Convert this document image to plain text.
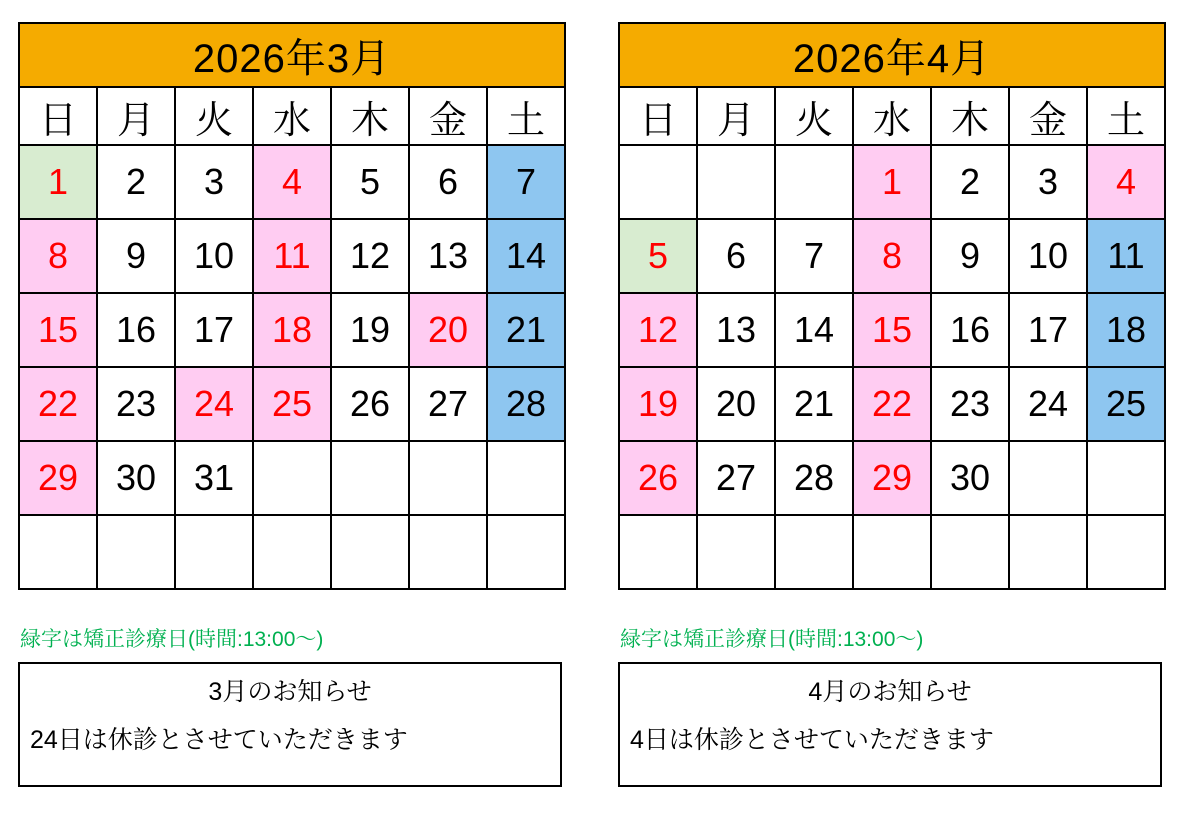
2026年3月						
日	月	火	水	木	金	土
1	2	3	4	5	6	7
8	9	10	11	12	13	14
15	16	17	18	19	20	21
22	23	24	25	26	27	28
29	30	31				

緑字は矯正診療日(時間:13:00〜)
3月のお知らせ
24日は休診とさせていただきます
2026年4月						
日	月	火	水	木	金	土
			1	2	3	4
5	6	7	8	9	10	11
12	13	14	15	16	17	18
19	20	21	22	23	24	25
26	27	28	29	30		

緑字は矯正診療日(時間:13:00〜)
4月のお知らせ
4日は休診とさせていただきます
